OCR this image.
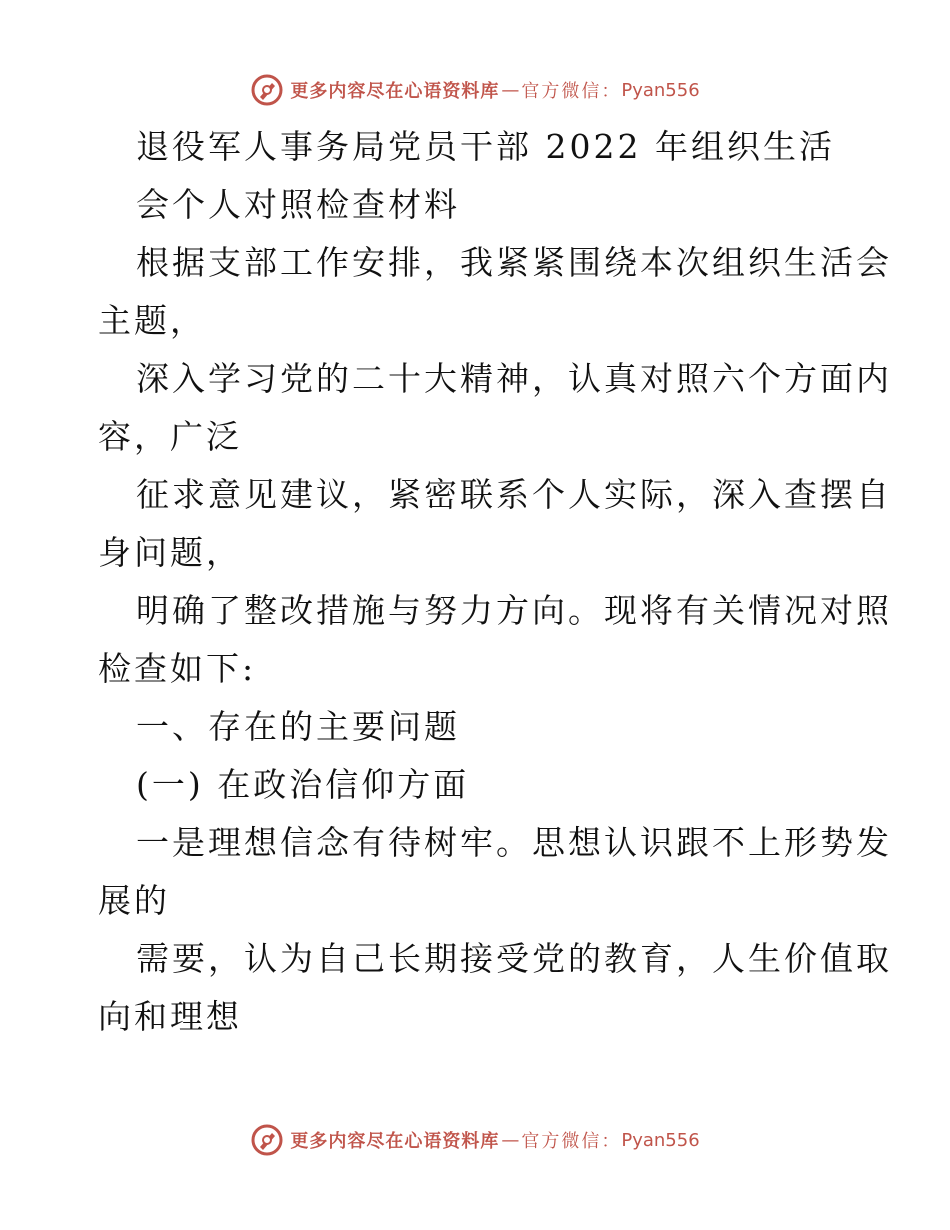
更多内容尽在心语资料库 — 官方微信： Pyan556
退役军人事务局党员干部 2022 年组织生活
会个人对照检查材料
根据支部工作安排，我紧紧围绕本次组织生活会
主题，
深入学习党的二十大精神，认真对照六个方面内
容，广泛
征求意见建议，紧密联系个人实际，深入查摆自
身问题，
明确了整改措施与努力方向。现将有关情况对照
检查如下:
一、存在的主要问题
(一) 在政治信仰方面
一是理想信念有待树牢。思想认识跟不上形势发
展的
需要，认为自己长期接受党的教育，人生价值取
向和理想
更多内容尽在心语资料库 — 官方微信： Pyan556
